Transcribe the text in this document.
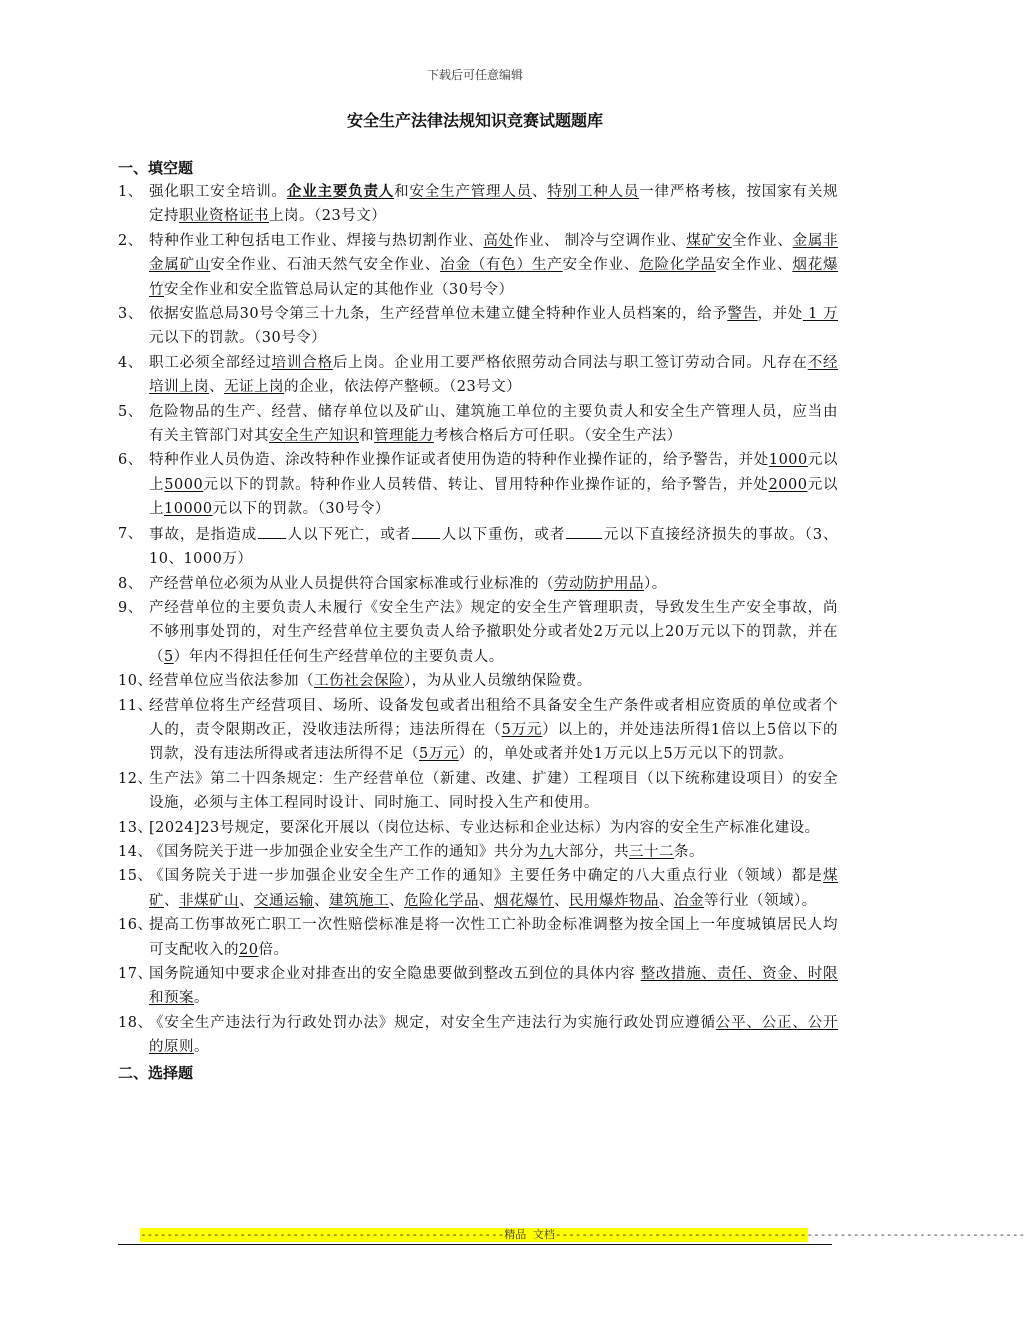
下载后可任意编辑
安全生产法律法规知识竞赛试题题库
一、填空题
1、 强化职工安全培训。企业主要负责人和安全生产管理人员、特别工种人员一律严格考核，按国家有关规定持职业资格证书上岗。（23号文）
2、 特种作业工种包括电工作业、焊接与热切割作业、高处作业、 制冷与空调作业、煤矿安全作业、金属非金属矿山安全作业、石油天然气安全作业、冶金（有色）生产安全作业、危险化学品安全作业、烟花爆竹安全作业和安全监管总局认定的其他作业（30号令）
3、 依据安监总局30号令第三十九条，生产经营单位未建立健全特种作业人员档案的，给予警告，并处 1 万元以下的罚款。（30号令）
4、 职工必须全部经过培训合格后上岗。企业用工要严格依照劳动合同法与职工签订劳动合同。凡存在不经培训上岗、无证上岗的企业，依法停产整顿。（23号文）
5、 危险物品的生产、经营、储存单位以及矿山、建筑施工单位的主要负责人和安全生产管理人员，应当由有关主管部门对其安全生产知识和管理能力考核合格后方可任职。（安全生产法）
6、 特种作业人员伪造、涂改特种作业操作证或者使用伪造的特种作业操作证的，给予警告，并处1000元以上5000元以下的罚款。特种作业人员转借、转让、冒用特种作业操作证的，给予警告，并处2000元以上10000元以下的罚款。（30号令）
7、 事故，是指造成 人以下死亡，或者 人以下重伤，或者	元以下直接经济损失的事故。（3、10、1000万）
8、 产经营单位必须为从业人员提供符合国家标准或行业标准的（劳动防护用品）。
9、 产经营单位的主要负责人未履行《安全生产法》规定的安全生产管理职责，导致发生生产安全事故，尚不够刑事处罚的，对生产经营单位主要负责人给予撤职处分或者处2万元以上20万元以下的罚款，并在（5）年内不得担任任何生产经营单位的主要负责人。
10、
经营单位应当依法参加（工伤社会保险），为从业人员缴纳保险费。
11、
经营单位将生产经营项目、场所、设备发包或者出租给不具备安全生产条件或者相应资质的单位或者个人的，责令限期改正，没收违法所得；违法所得在（5万元）以上的，并处违法所得1倍以上5倍以下的罚款，没有违法所得或者违法所得不足（5万元）的，单处或者并处1万元以上5万元以下的罚款。
12、
生产法》第二十四条规定：生产经营单位（新建、改建、扩建）工程项目（以下统称建设项目）的安全设施，必须与主体工程同时设计、同时施工、同时投入生产和使用。
13、
[2024]23号规定，要深化开展以（岗位达标、专业达标和企业达标）为内容的安全生产标准化建设。
14、
《国务院关于进一步加强企业安全生产工作的通知》共分为九大部分，共三十二条。
15、
《国务院关于进一步加强企业安全生产工作的通知》主要任务中确定的八大重点行业（领域）都是煤矿、非煤矿山、交通运输、建筑施工、危险化学品、烟花爆竹、民用爆炸物品、冶金等行业（领域）。
16、
提高工伤事故死亡职工一次性赔偿标准是将一次性工亡补助金标准调整为按全国上一年度城镇居民人均可支配收入的20倍。
17、
国务院通知中要求企业对排查出的安全隐患要做到整改五到位的具体内容 整改措施、责任、资金、时限和预案。
18、
《安全生产违法行为行政处罚办法》规定，对安全生产违法行为实施行政处罚应遵循公平、公正、公开的原则。
二、选择题
-------------------------------------------------------精品 文档-----------------------------------------------------------------------
